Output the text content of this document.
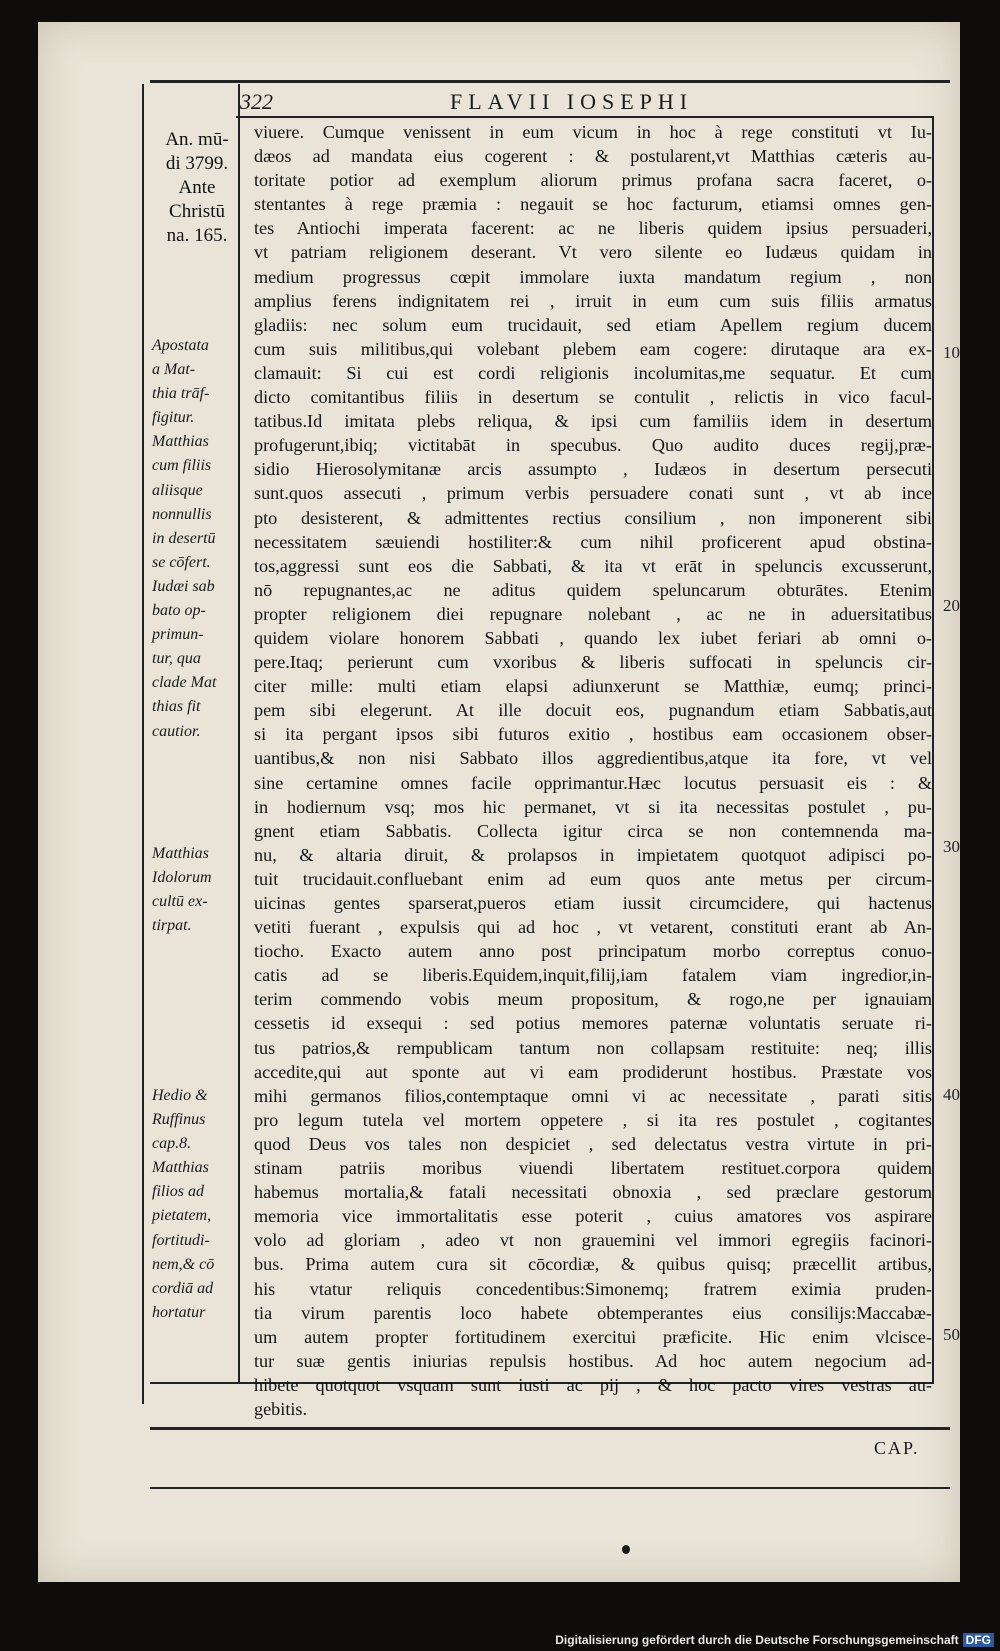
322	FLAVII IOSEPHI
An. mū-
di 3799.
Ante
Christū
na. 165.
Apostata
a Mat-
thia trāf-
figitur.
Matthias
cum filiis
aliisque
nonnullis
in desertū
se cōfert.
Iudæi sab
bato op-
primun-
tur, qua
clade Mat
thias fit
cautior.
Matthias
Idolorum
cultū ex-
tirpat.
Hedio &
Ruffinus
cap.8.
Matthias
filios ad
pietatem,
fortitudi-
nem,& cō
cordiā ad
hortatur
viuere. Cumque venissent in eum vicum in hoc à rege constituti vt Iu-
dæos ad mandata eius cogerent : & postularent,vt Matthias cæteris au-
toritate potior ad exemplum aliorum primus profana sacra faceret, o-
stentantes à rege præmia : negauit se hoc facturum, etiamsi omnes gen-
tes Antiochi imperata facerent: ac ne liberis quidem ipsius persuaderi,
vt patriam religionem deserant. Vt vero silente eo Iudæus quidam in
medium progressus cœpit immolare iuxta mandatum regium , non
amplius ferens indignitatem rei , irruit in eum cum suis filiis armatus
gladiis: nec solum eum trucidauit, sed etiam Apellem regium ducem
cum suis militibus,qui volebant plebem eam cogere: dirutaque ara ex-
clamauit: Si cui est cordi religionis incolumitas,me sequatur. Et cum
dicto comitantibus filiis in desertum se contulit , relictis in vico facul-
tatibus.Id imitata plebs reliqua, & ipsi cum familiis idem in desertum
profugerunt,ibiq; victitabāt in specubus. Quo audito duces regij,præ-
sidio Hierosolymitanæ arcis assumpto , Iudæos in desertum persecuti
sunt.quos assecuti , primum verbis persuadere conati sunt , vt ab ince
pto desisterent, & admittentes rectius consilium , non imponerent sibi
necessitatem sæuiendi hostiliter:& cum nihil proficerent apud obstina-
tos,aggressi sunt eos die Sabbati, & ita vt erāt in speluncis excusserunt,
nō repugnantes,ac ne aditus quidem speluncarum obturātes. Etenim
propter religionem diei repugnare nolebant , ac ne in aduersitatibus
quidem violare honorem Sabbati , quando lex iubet feriari ab omni o-
pere.Itaq; perierunt cum vxoribus & liberis suffocati in speluncis cir-
citer mille: multi etiam elapsi adiunxerunt se Matthiæ, eumq; princi-
pem sibi elegerunt. At ille docuit eos, pugnandum etiam Sabbatis,aut
si ita pergant ipsos sibi futuros exitio , hostibus eam occasionem obser-
uantibus,& non nisi Sabbato illos aggredientibus,atque ita fore, vt vel
sine certamine omnes facile opprimantur.Hæc locutus persuasit eis : &
in hodiernum vsq; mos hic permanet, vt si ita necessitas postulet , pu-
gnent etiam Sabbatis. Collecta igitur circa se non contemnenda ma-
nu, & altaria diruit, & prolapsos in impietatem quotquot adipisci po-
tuit trucidauit.confluebant enim ad eum quos ante metus per circum-
uicinas gentes sparserat,pueros etiam iussit circumcidere, qui hactenus
vetiti fuerant , expulsis qui ad hoc , vt vetarent, constituti erant ab An-
tiocho. Exacto autem anno post principatum morbo correptus conuo-
catis ad se liberis.Equidem,inquit,filij,iam fatalem viam ingredior,in-
terim commendo vobis meum propositum, & rogo,ne per ignauiam
cessetis id exsequi : sed potius memores paternæ voluntatis seruate ri-
tus patrios,& rempublicam tantum non collapsam restituite: neq; illis
accedite,qui aut sponte aut vi eam prodiderunt hostibus. Præstate vos
mihi germanos filios,contemptaque omni vi ac necessitate , parati sitis
pro legum tutela vel mortem oppetere , si ita res postulet , cogitantes
quod Deus vos tales non despiciet , sed delectatus vestra virtute in pri-
stinam patriis moribus viuendi libertatem restituet.corpora quidem
habemus mortalia,& fatali necessitati obnoxia , sed præclare gestorum
memoria vice immortalitatis esse poterit , cuius amatores vos aspirare
volo ad gloriam , adeo vt non grauemini vel immori egregiis facinori-
bus. Prima autem cura sit cōcordiæ, & quibus quisq; præcellit artibus,
his vtatur reliquis concedentibus:Simonemq; fratrem eximia pruden-
tia virum parentis loco habete obtemperantes eius consilijs:Maccabæ-
um autem propter fortitudinem exercitui præficite. Hic enim vlcisce-
tur suæ gentis iniurias repulsis hostibus. Ad hoc autem negocium ad-
hibete quotquot vsquam sunt iusti ac pij , & hoc pacto vires vestras au-
gebitis.
10
20
30
40
50
CAP.
Digitalisierung gefördert durch die Deutsche Forschungsgemeinschaft DFG
